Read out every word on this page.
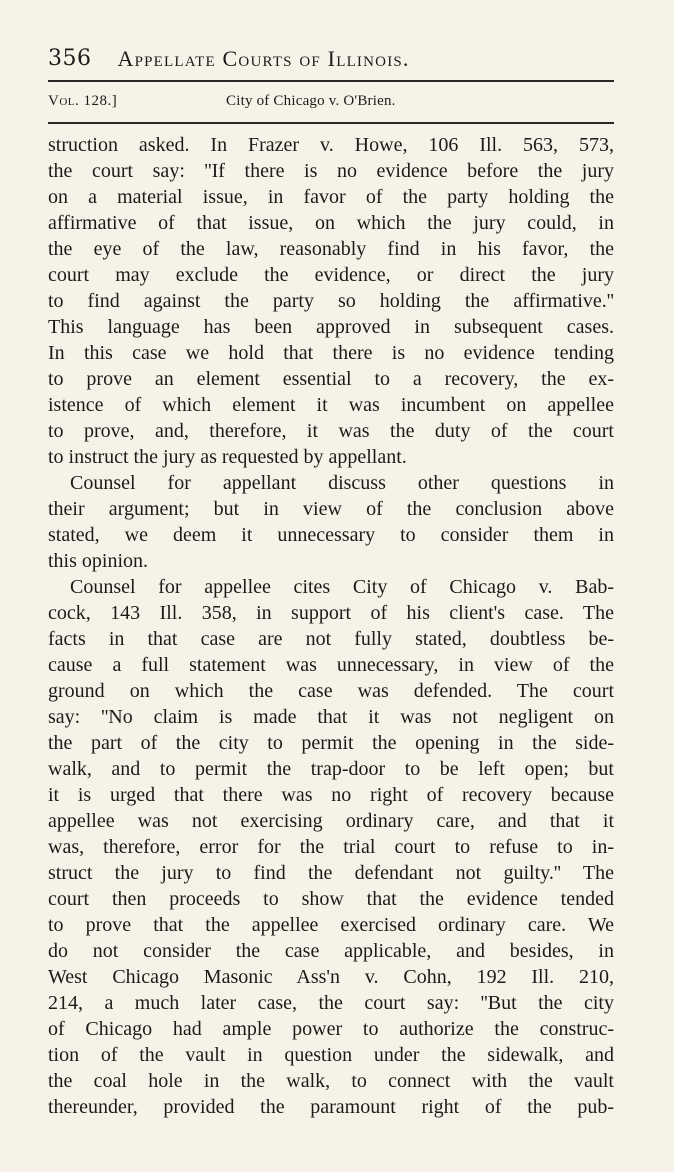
356 Appellate Courts of Illinois.
Vol. 128.]	City of Chicago v. O'Brien.
struction asked. In Frazer v. Howe, 106 Ill. 563, 573,
the court say: ''If there is no evidence before the jury
on a material issue, in favor of the party holding the
affirmative of that issue, on which the jury could, in
the eye of the law, reasonably find in his favor, the
court may exclude the evidence, or direct the jury
to find against the party so holding the affirmative.''
This language has been approved in subsequent cases.
In this case we hold that there is no evidence tending
to prove an element essential to a recovery, the ex-
istence of which element it was incumbent on appellee
to prove, and, therefore, it was the duty of the court
to instruct the jury as requested by appellant.
Counsel for appellant discuss other questions in
their argument; but in view of the conclusion above
stated, we deem it unnecessary to consider them in
this opinion.
Counsel for appellee cites City of Chicago v. Bab-
cock, 143 Ill. 358, in support of his client's case. The
facts in that case are not fully stated, doubtless be-
cause a full statement was unnecessary, in view of the
ground on which the case was defended. The court
say: ''No claim is made that it was not negligent on
the part of the city to permit the opening in the side-
walk, and to permit the trap-door to be left open; but
it is urged that there was no right of recovery because
appellee was not exercising ordinary care, and that it
was, therefore, error for the trial court to refuse to in-
struct the jury to find the defendant not guilty.'' The
court then proceeds to show that the evidence tended
to prove that the appellee exercised ordinary care. We
do not consider the case applicable, and besides, in
West Chicago Masonic Ass'n v. Cohn, 192 Ill. 210,
214, a much later case, the court say: ''But the city
of Chicago had ample power to authorize the construc-
tion of the vault in question under the sidewalk, and
the coal hole in the walk, to connect with the vault
thereunder, provided the paramount right of the pub-
